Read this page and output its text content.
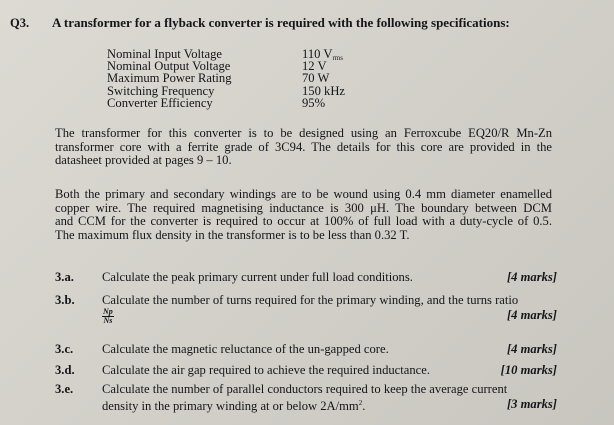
Q3. A transformer for a flyback converter is required with the following specifications:
Nominal Input Voltage	110 $V_{rms}$
Nominal Output Voltage	12 V
Maximum Power Rating	70 W
Switching Frequency	150 kHz
Converter Efficiency	95%
The transformer for this converter is to be designed using an Ferroxcube EQ20/R Mn-Zn
transformer core with a ferrite grade of 3C94. The details for this core are provided in the
datasheet provided at pages 9 – 10.
Both the primary and secondary windings are to be wound using 0.4 mm diameter enamelled
copper wire. The required magnetising inductance is 300 μH. The boundary between DCM
and CCM for the converter is required to occur at 100% of full load with a duty-cycle of 0.5.
The maximum flux density in the transformer is to be less than 0.32 T.
3.a. Calculate the peak primary current under full load conditions.	[4 marks]
3.b. Calculate the number of turns required for the primary winding, and the turns ratio
[4 marks]
$\frac{Np}{Ns}$
3.c. Calculate the magnetic reluctance of the un-gapped core.	[4 marks]
3.d. Calculate the air gap required to achieve the required inductance.	[10 marks]
3.e. Calculate the number of parallel conductors required to keep the average current
density in the primary winding at or below $2A/mm^2$.	[3 marks]
